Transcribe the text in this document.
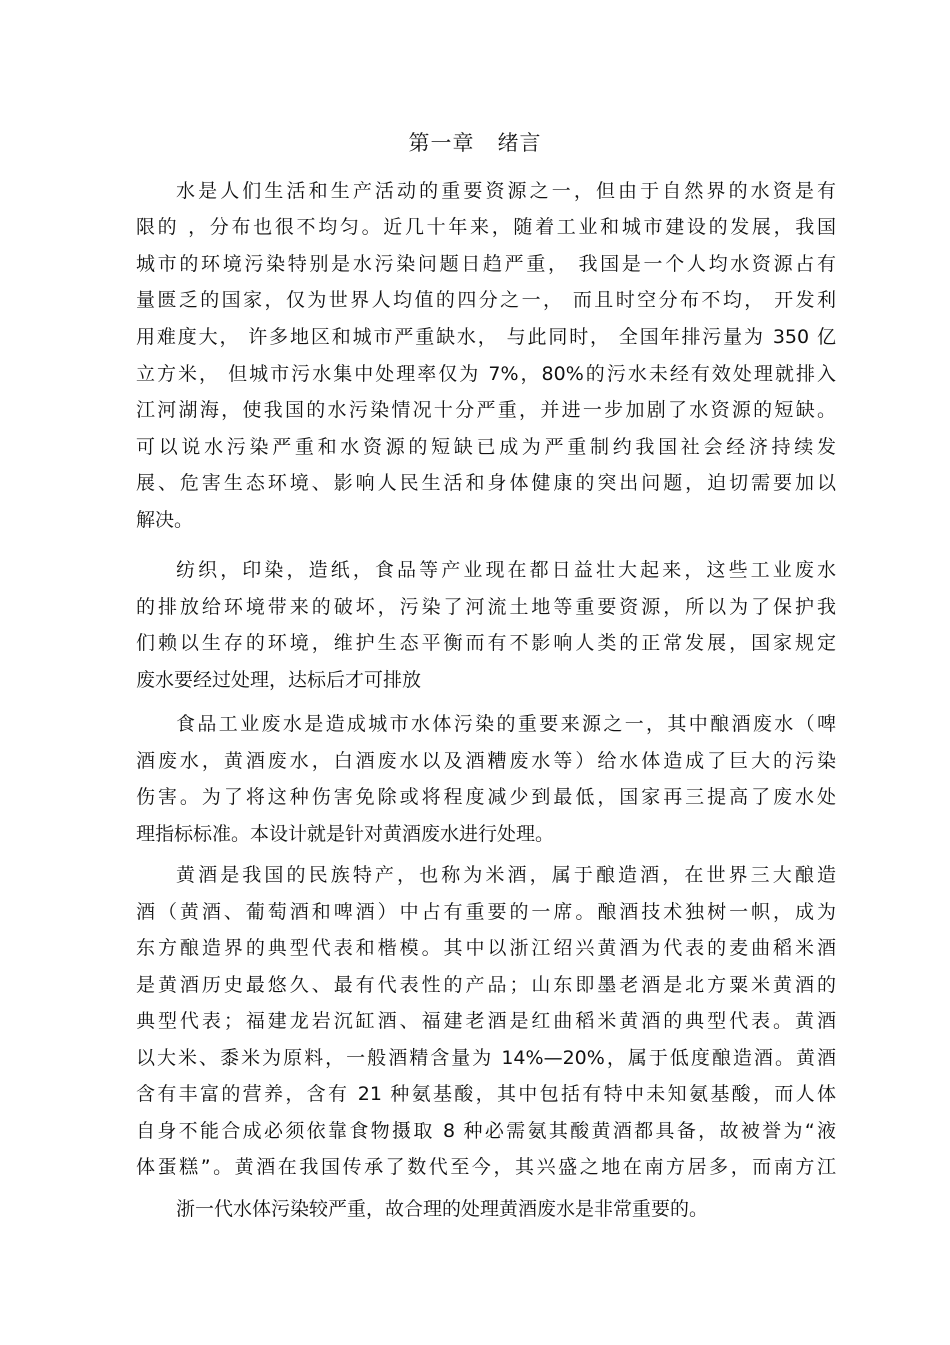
第一章   绪言
水是人们生活和生产活动的重要资源之一，但由于自然界的水资是有
限的 ，分布也很不均匀。近几十年来，随着工业和城市建设的发展，我国
城市的环境污染特别是水污染问题日趋严重， 我国是一个人均水资源占有
量匮乏的国家，仅为世界人均值的四分之一， 而且时空分布不均， 开发利
用难度大， 许多地区和城市严重缺水， 与此同时， 全国年排污量为 350 亿
立方米， 但城市污水集中处理率仅为 7%，80%的污水未经有效处理就排入
江河湖海，使我国的水污染情况十分严重，并进一步加剧了水资源的短缺。
可以说水污染严重和水资源的短缺已成为严重制约我国社会经济持续发
展、危害生态环境、影响人民生活和身体健康的突出问题，迫切需要加以
解决。
纺织，印染，造纸，食品等产业现在都日益壮大起来，这些工业废水
的排放给环境带来的破坏，污染了河流土地等重要资源，所以为了保护我
们赖以生存的环境，维护生态平衡而有不影响人类的正常发展，国家规定
废水要经过处理，达标后才可排放
食品工业废水是造成城市水体污染的重要来源之一，其中酿酒废水（啤
酒废水，黄酒废水，白酒废水以及酒糟废水等）给水体造成了巨大的污染
伤害。为了将这种伤害免除或将程度减少到最低，国家再三提高了废水处
理指标标准。本设计就是针对黄酒废水进行处理。
黄酒是我国的民族特产，也称为米酒，属于酿造酒，在世界三大酿造
酒（黄酒、葡萄酒和啤酒）中占有重要的一席。酿酒技术独树一帜，成为
东方酿造界的典型代表和楷模。其中以浙江绍兴黄酒为代表的麦曲稻米酒
是黄酒历史最悠久、最有代表性的产品；山东即墨老酒是北方粟米黄酒的
典型代表；福建龙岩沉缸酒、福建老酒是红曲稻米黄酒的典型代表。黄酒
以大米、黍米为原料，一般酒精含量为 14%—20%，属于低度酿造酒。黄酒
含有丰富的营养，含有 21 种氨基酸，其中包括有特中未知氨基酸，而人体
自身不能合成必须依靠食物摄取 8 种必需氨其酸黄酒都具备，故被誉为“液
体蛋糕”。黄酒在我国传承了数代至今，其兴盛之地在南方居多，而南方江
浙一代水体污染较严重，故合理的处理黄酒废水是非常重要的。
